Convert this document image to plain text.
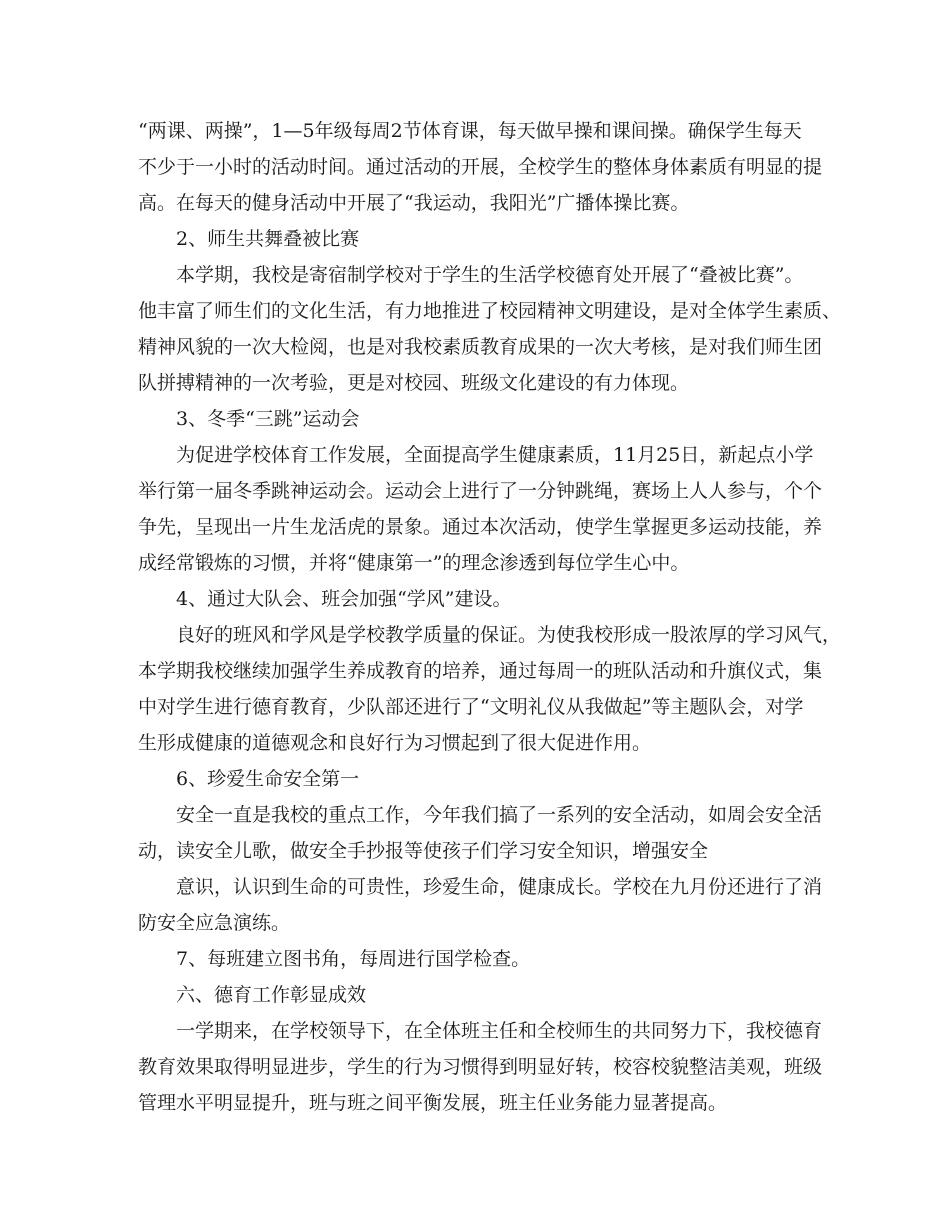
“两课、两操”，1—5年级每周2节体育课，每天做早操和课间操。确保学生每天
不少于一小时的活动时间。通过活动的开展，全校学生的整体身体素质有明显的提
高。在每天的健身活动中开展了“我运动，我阳光”广播体操比赛。
2、师生共舞叠被比赛
本学期，我校是寄宿制学校对于学生的生活学校德育处开展了“叠被比赛”。
他丰富了师生们的文化生活，有力地推进了校园精神文明建设，是对全体学生素质、
精神风貌的一次大检阅，也是对我校素质教育成果的一次大考核，是对我们师生团
队拼搏精神的一次考验，更是对校园、班级文化建设的有力体现。
3、冬季“三跳”运动会
为促进学校体育工作发展，全面提高学生健康素质，11月25日，新起点小学
举行第一届冬季跳神运动会。运动会上进行了一分钟跳绳，赛场上人人参与，个个
争先，呈现出一片生龙活虎的景象。通过本次活动，使学生掌握更多运动技能，养
成经常锻炼的习惯，并将“健康第一”的理念渗透到每位学生心中。
4、通过大队会、班会加强“学风”建设。
良好的班风和学风是学校教学质量的保证。为使我校形成一股浓厚的学习风气，
本学期我校继续加强学生养成教育的培养，通过每周一的班队活动和升旗仪式，集
中对学生进行德育教育，少队部还进行了“文明礼仪从我做起”等主题队会，对学
生形成健康的道德观念和良好行为习惯起到了很大促进作用。
6、珍爱生命安全第一
安全一直是我校的重点工作，今年我们搞了一系列的安全活动，如周会安全活
动，读安全儿歌，做安全手抄报等使孩子们学习安全知识，增强安全
意识，认识到生命的可贵性，珍爱生命，健康成长。学校在九月份还进行了消
防安全应急演练。
7、每班建立图书角，每周进行国学检查。
六、德育工作彰显成效
一学期来，在学校领导下，在全体班主任和全校师生的共同努力下，我校德育
教育效果取得明显进步，学生的行为习惯得到明显好转，校容校貌整洁美观，班级
管理水平明显提升，班与班之间平衡发展，班主任业务能力显著提高。
